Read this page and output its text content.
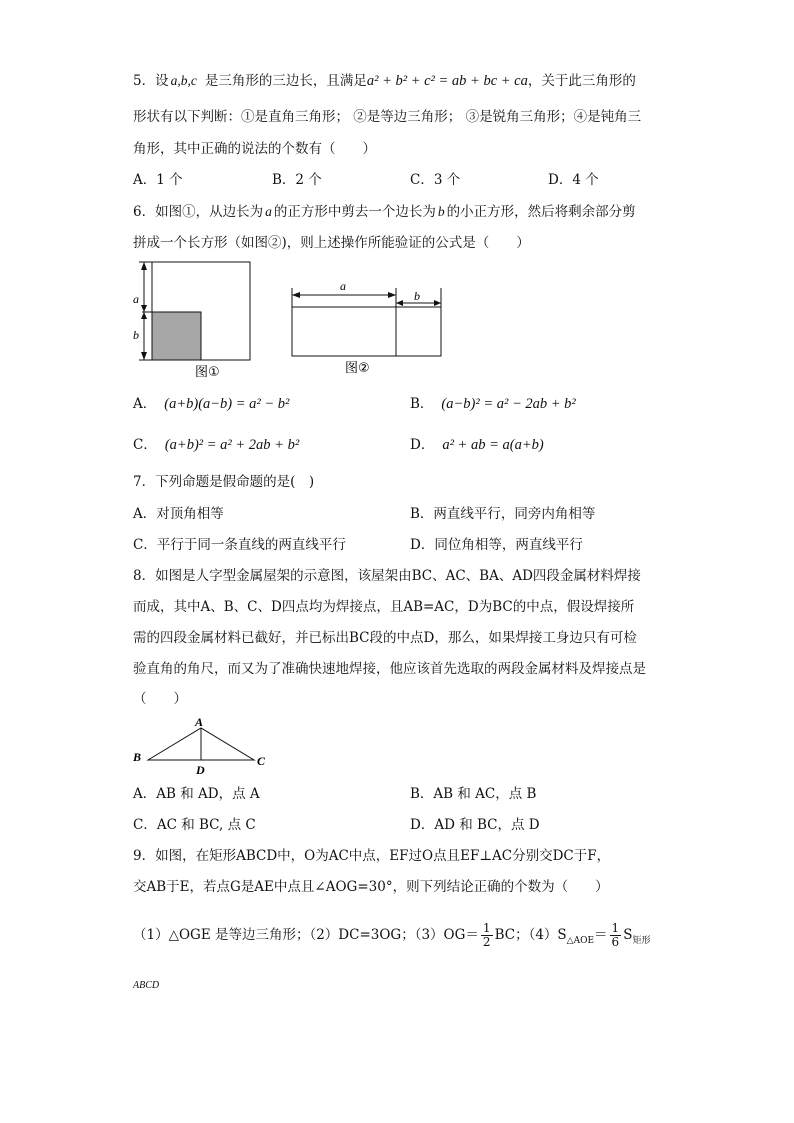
5．设 a,b,c 是三角形的三边长，且满足a² + b² + c² = ab + bc + ca，关于此三角形的
形状有以下判断：①是直角三角形； ②是等边三角形； ③是锐角三角形；④是钝角三
角形，其中正确的说法的个数有（　　）
A．1 个	B．2 个	C．3 个	D．4 个
6．如图①，从边长为 a 的正方形中剪去一个边长为 b 的小正方形，然后将剩余部分剪
拼成一个长方形（如图②)，则上述操作所能验证的公式是（　　）
a
b
图①
a
b
图②
A． (a+b)(a−b) = a² − b²	B． (a−b)² = a² − 2ab + b²
C． (a+b)² = a² + 2ab + b²	D． a² + ab = a(a+b)
7．下列命题是假命题的是(　)
A．对顶角相等	B．两直线平行，同旁内角相等
C．平行于同一条直线的两直线平行	D．同位角相等，两直线平行
8．如图是人字型金属屋架的示意图，该屋架由BC、AC、BA、AD四段金属材料焊接
而成，其中A、B、C、D四点均为焊接点，且AB=AC，D为BC的中点，假设焊接所
需的四段金属材料已截好，并已标出BC段的中点D，那么，如果焊接工身边只有可检
验直角的角尺，而又为了准确快速地焊接，他应该首先选取的两段金属材料及焊接点是
（　　）
A
B	C
D
A．AB 和 AD，点 A	B．AB 和 AC，点 B
C．AC 和 BC, 点 C	D．AD 和 BC，点 D
9．如图，在矩形ABCD中，O为AC中点，EF过O点且EF⊥AC分别交DC于F，
交AB于E，若点G是AE中点且∠AOG=30°，则下列结论正确的个数为（　　）
（1）△OGE 是等边三角形；（2）DC=3OG；$(3)OG= \frac{1}{2}$ BC；$(4)S_{\triangle AOE}= \frac{1}{6} S_{矩形}$
ABCD
